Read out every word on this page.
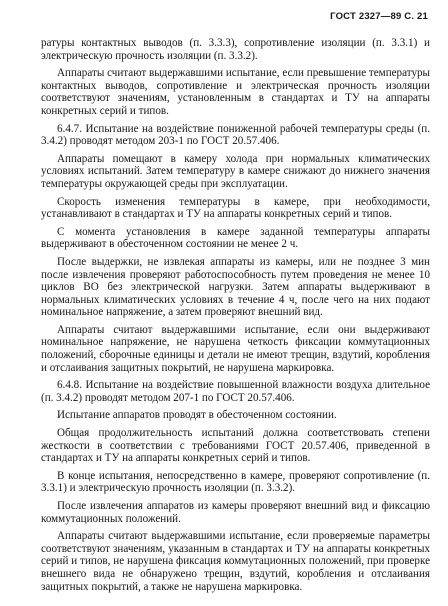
ГОСТ 2327—89 С. 21

ратуры контактных выводов (п. 3.3.3), сопротивление изоляции (п. 3.3.1) и электрическую прочность изоляции (п. 3.3.2).

Аппараты считают выдержавшими испытание, если превышение температуры контактных выводов, сопротивление и электрическая прочность изоляции соответствуют значениям, установленным в стандартах и ТУ на аппараты конкретных серий и типов.

6.4.7. Испытание на воздействие пониженной рабочей температуры среды (п. 3.4.2) проводят методом 203-1 по ГОСТ 20.57.406.

Аппараты помещают в камеру холода при нормальных климатических условиях испытаний. Затем температуру в камере снижают до нижнего значения температуры окружающей среды при эксплуатации.

Скорость изменения температуры в камере, при необходимости, устанавливают в стандартах и ТУ на аппараты конкретных серий и типов.

С момента установления в камере заданной температуры аппараты выдерживают в обесточенном состоянии не менее 2 ч.

После выдержки, не извлекая аппараты из камеры, или не позднее 3 мин после извлечения проверяют работоспособность путем проведения не менее 10 циклов ВО без электрической нагрузки. Затем аппараты выдерживают в нормальных климатических условиях в течение 4 ч, после чего на них подают номинальное напряжение, а затем проверяют внешний вид.

Аппараты считают выдержавшими испытание, если они выдерживают номинальное напряжение, не нарушена четкость фиксации коммутационных положений, сборочные единицы и детали не имеют трещин, вздутий, коробления и отслаивания защитных покрытий, не нарушена маркировка.

6.4.8. Испытание на воздействие повышенной влажности воздуха длительное (п. 3.4.2) проводят методом 207-1 по ГОСТ 20.57.406.

Испытание аппаратов проводят в обесточенном состоянии.

Общая продолжительность испытаний должна соответствовать степени жесткости в соответствии с требованиями ГОСТ 20.57.406, приведенной в стандартах и ТУ на аппараты конкретных серий и типов.

В конце испытания, непосредственно в камере, проверяют сопротивление (п. 3.3.1) и электрическую прочность изоляции (п. 3.3.2).

После извлечения аппаратов из камеры проверяют внешний вид и фиксацию коммутационных положений.

Аппараты считают выдержавшими испытание, если проверяемые параметры соответствуют значениям, указанным в стандартах и ТУ на аппараты конкретных серий и типов, не нарушена фиксация коммутационных положений, при проверке внешнего вида не обнаружено трещин, вздутий, коробления и отслаивания защитных покрытий, а также не нарушена маркировка.
